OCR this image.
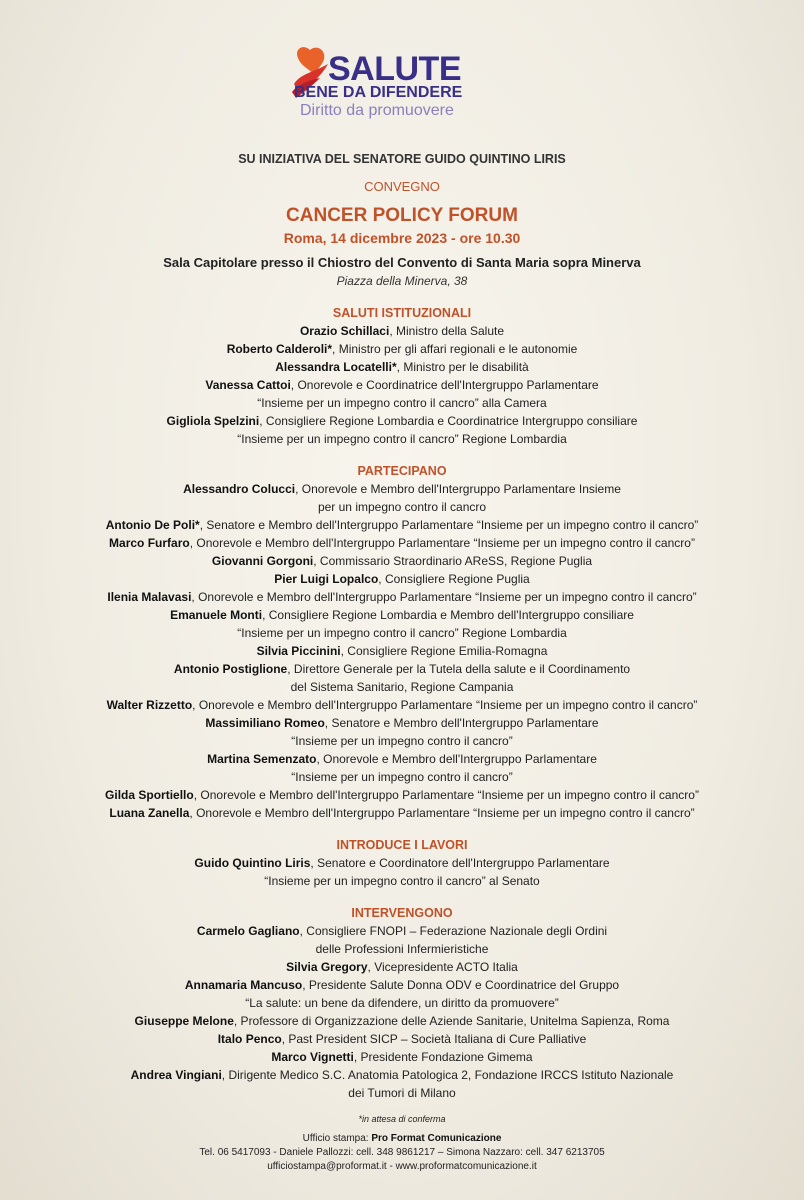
SALUTE
BENE DA DIFENDERE
Diritto da promuovere

SU INIZIATIVA DEL SENATORE GUIDO QUINTINO LIRIS

CONVEGNO

CANCER POLICY FORUM

Roma, 14 dicembre 2023 - ore 10.30

Sala Capitolare presso il Chiostro del Convento di Santa Maria sopra Minerva

Piazza della Minerva, 38

SALUTI ISTITUZIONALI

Orazio Schillaci, Ministro della Salute

Roberto Calderoli*, Ministro per gli affari regionali e le autonomie

Alessandra Locatelli*, Ministro per le disabilità

Vanessa Cattoi, Onorevole e Coordinatrice dell'Intergruppo Parlamentare

“Insieme per un impegno contro il cancro” alla Camera

Gigliola Spelzini, Consigliere Regione Lombardia e Coordinatrice Intergruppo consiliare

“Insieme per un impegno contro il cancro” Regione Lombardia

PARTECIPANO

Alessandro Colucci, Onorevole e Membro dell'Intergruppo Parlamentare Insieme

per un impegno contro il cancro

Antonio De Poli*, Senatore e Membro dell'Intergruppo Parlamentare “Insieme per un impegno contro il cancro”

Marco Furfaro, Onorevole e Membro dell'Intergruppo Parlamentare “Insieme per un impegno contro il cancro”

Giovanni Gorgoni, Commissario Straordinario AReSS, Regione Puglia

Pier Luigi Lopalco, Consigliere Regione Puglia

Ilenia Malavasi, Onorevole e Membro dell'Intergruppo Parlamentare “Insieme per un impegno contro il cancro”

Emanuele Monti, Consigliere Regione Lombardia e Membro dell'Intergruppo consiliare

“Insieme per un impegno contro il cancro” Regione Lombardia

Silvia Piccinini, Consigliere Regione Emilia-Romagna

Antonio Postiglione, Direttore Generale per la Tutela della salute e il Coordinamento

del Sistema Sanitario, Regione Campania

Walter Rizzetto, Onorevole e Membro dell'Intergruppo Parlamentare “Insieme per un impegno contro il cancro”

Massimiliano Romeo, Senatore e Membro dell'Intergruppo Parlamentare

“Insieme per un impegno contro il cancro”

Martina Semenzato, Onorevole e Membro dell'Intergruppo Parlamentare

“Insieme per un impegno contro il cancro”

Gilda Sportiello, Onorevole e Membro dell'Intergruppo Parlamentare “Insieme per un impegno contro il cancro”

Luana Zanella, Onorevole e Membro dell'Intergruppo Parlamentare “Insieme per un impegno contro il cancro”

INTRODUCE I LAVORI

Guido Quintino Liris, Senatore e Coordinatore dell'Intergruppo Parlamentare

“Insieme per un impegno contro il cancro” al Senato

INTERVENGONO

Carmelo Gagliano, Consigliere FNOPI – Federazione Nazionale degli Ordini

delle Professioni Infermieristiche

Silvia Gregory, Vicepresidente ACTO Italia

Annamaria Mancuso, Presidente Salute Donna ODV e Coordinatrice del Gruppo

“La salute: un bene da difendere, un diritto da promuovere”

Giuseppe Melone, Professore di Organizzazione delle Aziende Sanitarie, Unitelma Sapienza, Roma

Italo Penco, Past President SICP – Società Italiana di Cure Palliative

Marco Vignetti, Presidente Fondazione Gimema

Andrea Vingiani, Dirigente Medico S.C. Anatomia Patologica 2, Fondazione IRCCS Istituto Nazionale

dei Tumori di Milano

*in attesa di conferma

Ufficio stampa: Pro Format Comunicazione

Tel. 06 5417093 - Daniele Pallozzi: cell. 348 9861217 – Simona Nazzaro: cell. 347 6213705

ufficiostampa@proformat.it - www.proformatcomunicazione.it
